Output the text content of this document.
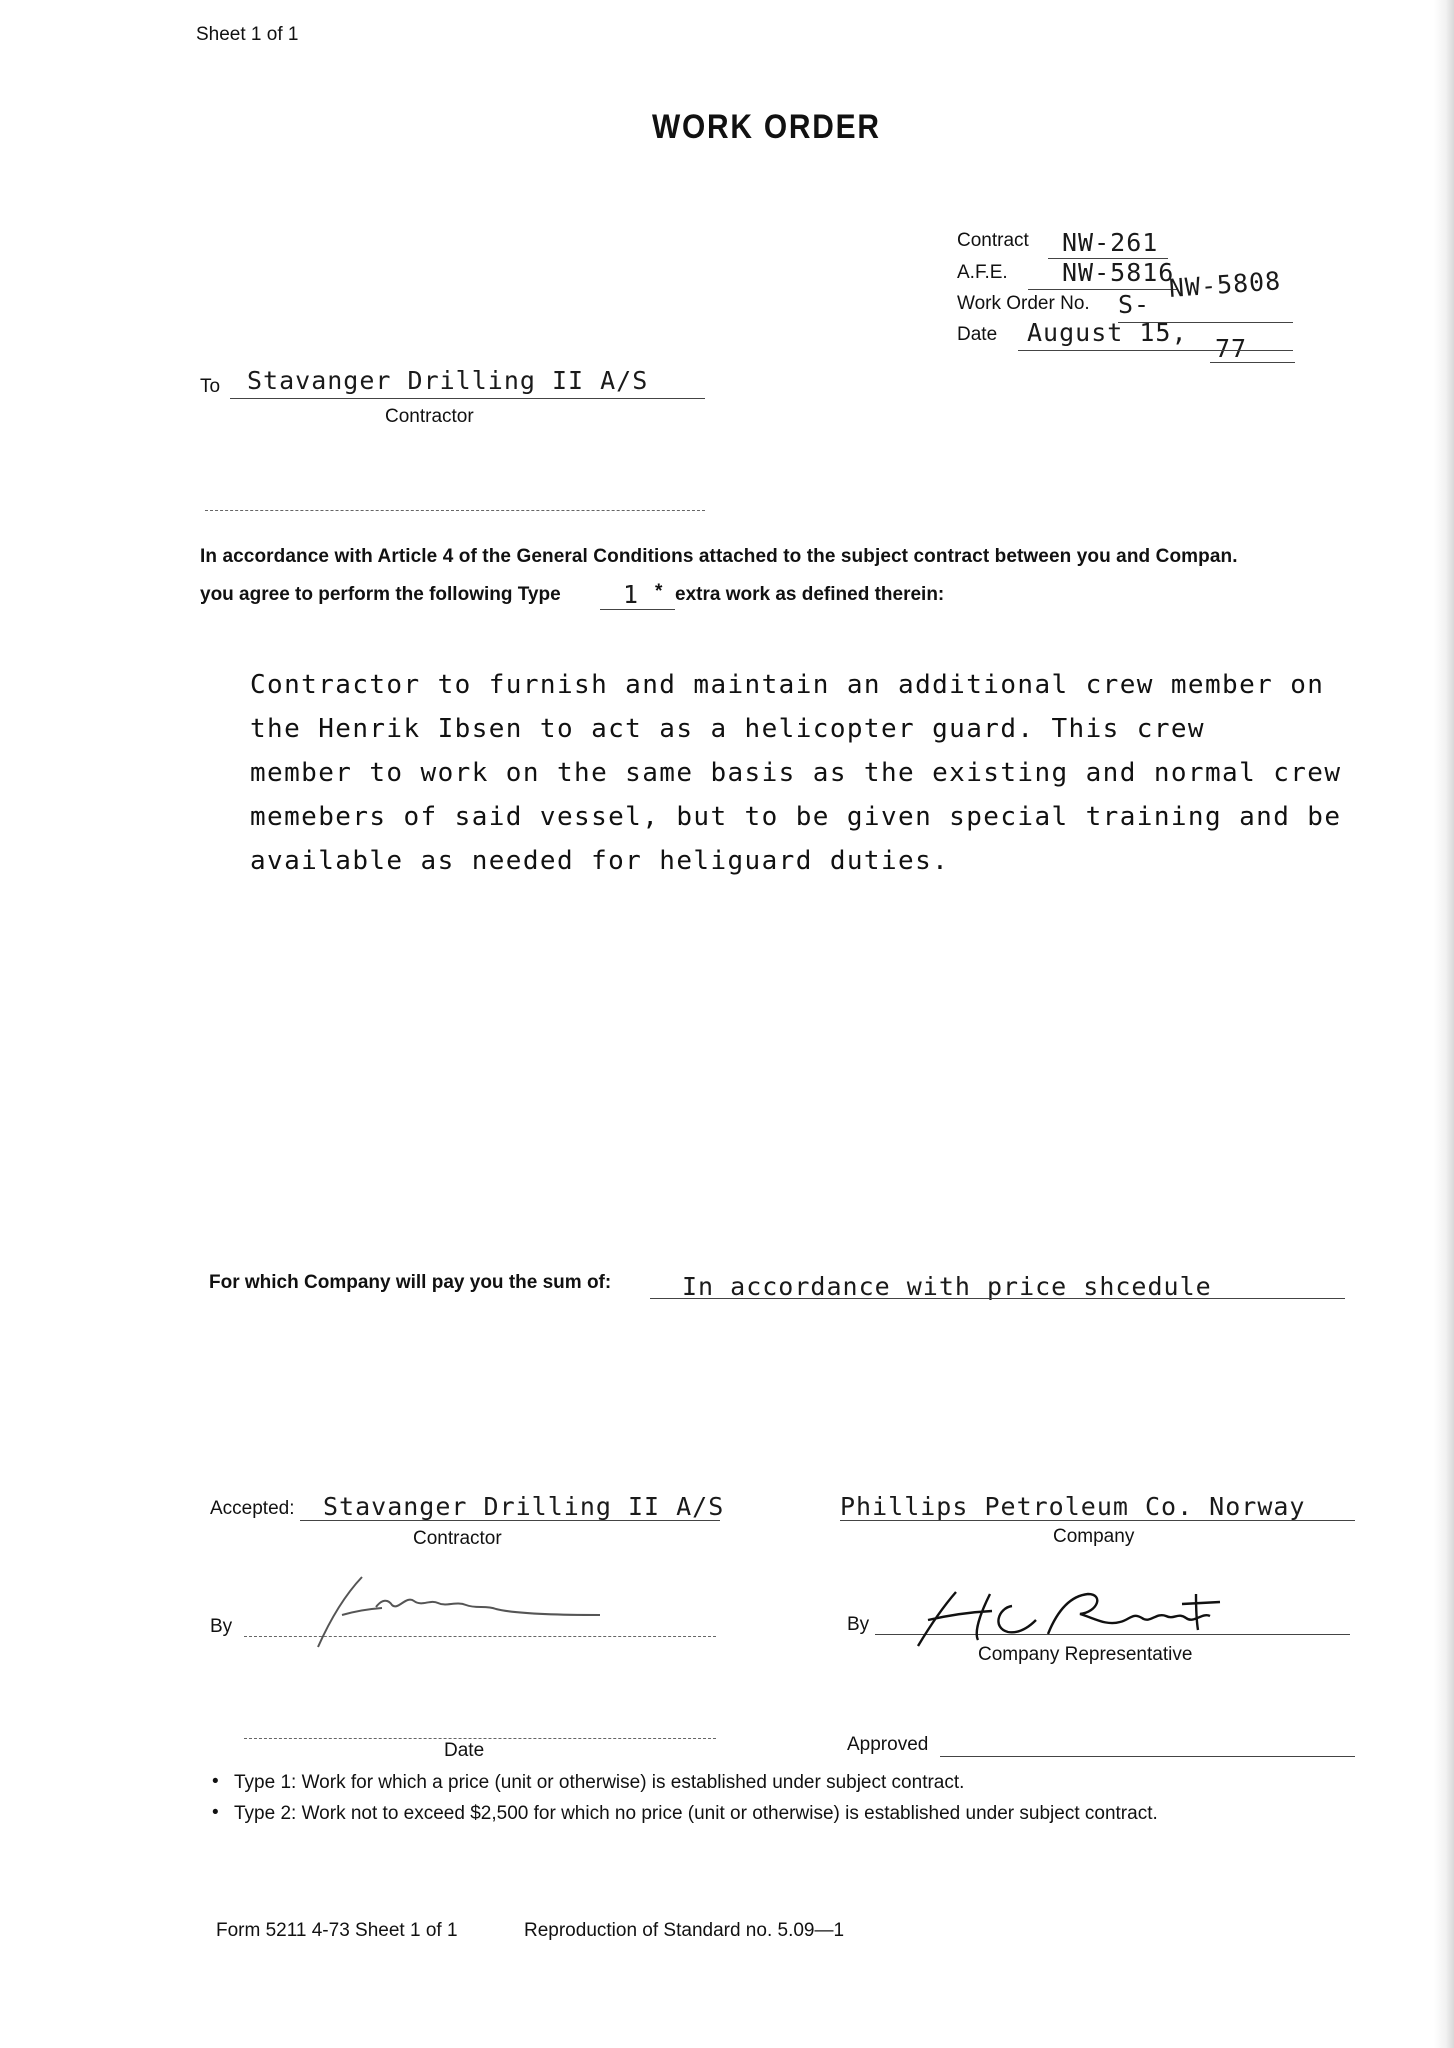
Sheet 1 of 1
WORK ORDER
Contract NW-261
A.F.E. NW-5816
Work Order No. S-
NW-5808
Date August 15,
77
To Stavanger Drilling II A/S
Contractor
In accordance with Article 4 of the General Conditions attached to the subject contract between you and Compan.
you agree to perform the following Type 1 * extra work as defined therein:
Contractor to furnish and maintain an additional crew member on
the Henrik Ibsen to act as a helicopter guard. This crew
member to work on the same basis as the existing and normal crew
memebers of said vessel, but to be given special training and be
available as needed for heliguard duties.
For which Company will pay you the sum of:	In accordance with price shcedule
Accepted: Stavanger Drilling II A/S
Contractor
Phillips Petroleum Co. Norway
Company
By	By
Company Representative
Date	Approved
• Type 1: Work for which a price (unit or otherwise) is established under subject contract.
• Type 2: Work not to exceed $2,500 for which no price (unit or otherwise) is established under subject contract.
Form 5211 4-73 Sheet 1 of 1	Reproduction of Standard no. 5.09—1
